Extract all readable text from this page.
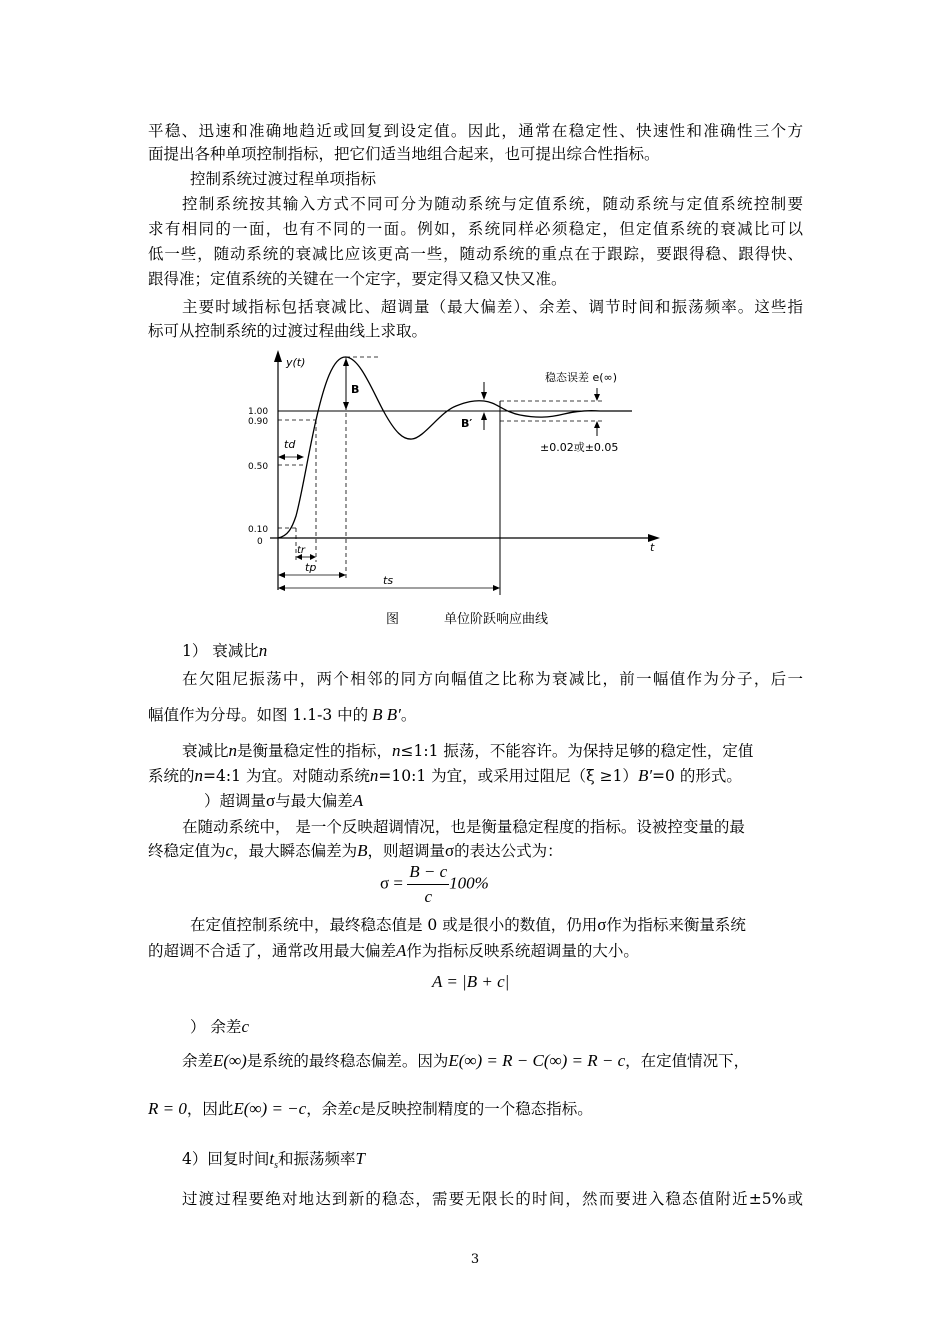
平稳、迅速和准确地趋近或回复到设定值。因此，通常在稳定性、快速性和准确性三个方
面提出各种单项控制指标，把它们适当地组合起来，也可提出综合性指标。
控制系统过渡过程单项指标
控制系统按其输入方式不同可分为随动系统与定值系统，随动系统与定值系统控制要
求有相同的一面，也有不同的一面。例如，系统同样必须稳定，但定值系统的衰减比可以
低一些，随动系统的衰减比应该更高一些，随动系统的重点在于跟踪，要跟得稳、跟得快、
跟得准；定值系统的关键在一个定字，要定得又稳又快又准。
主要时域指标包括衰减比、超调量（最大偏差）、余差、调节时间和振荡频率。这些指
标可从控制系统的过渡过程曲线上求取。
y(t)
t
1.00
0.90
0.50
0.10
0
B
B′
稳态误差 e(∞)
±0.02或±0.05
td
tr
tp
ts
图	单位阶跃响应曲线
1） 衰减比n
在欠阻尼振荡中，两个相邻的同方向幅值之比称为衰减比，前一幅值作为分子，后一
幅值作为分母。如图 1.1-3 中的 B B′。
衰减比n是衡量稳定性的指标，n≤1:1 振荡，不能容许。为保持足够的稳定性，定值
系统的n=4:1 为宜。对随动系统n=10:1 为宜，或采用过阻尼（ξ ≥1）B′=0 的形式。
）超调量σ与最大偏差A
在随动系统中， 是一个反映超调情况，也是衡量稳定程度的指标。设被控变量的最
终稳定值为c，最大瞬态偏差为B，则超调量σ的表达公式为：
$\sigma = \frac{B - c}{c} 100\%$
在定值控制系统中，最终稳态值是 0 或是很小的数值，仍用σ作为指标来衡量系统
的超调不合适了，通常改用最大偏差A作为指标反映系统超调量的大小。
A = |B + c|
） 余差c
余差E(∞)是系统的最终稳态偏差。因为E(∞) = R − C(∞) = R − c，在定值情况下，
R = 0，因此E(∞) = −c，余差c是反映控制精度的一个稳态指标。
4）回复时间$t_s$和振荡频率T
过渡过程要绝对地达到新的稳态，需要无限长的时间，然而要进入稳态值附近±5%或
3
